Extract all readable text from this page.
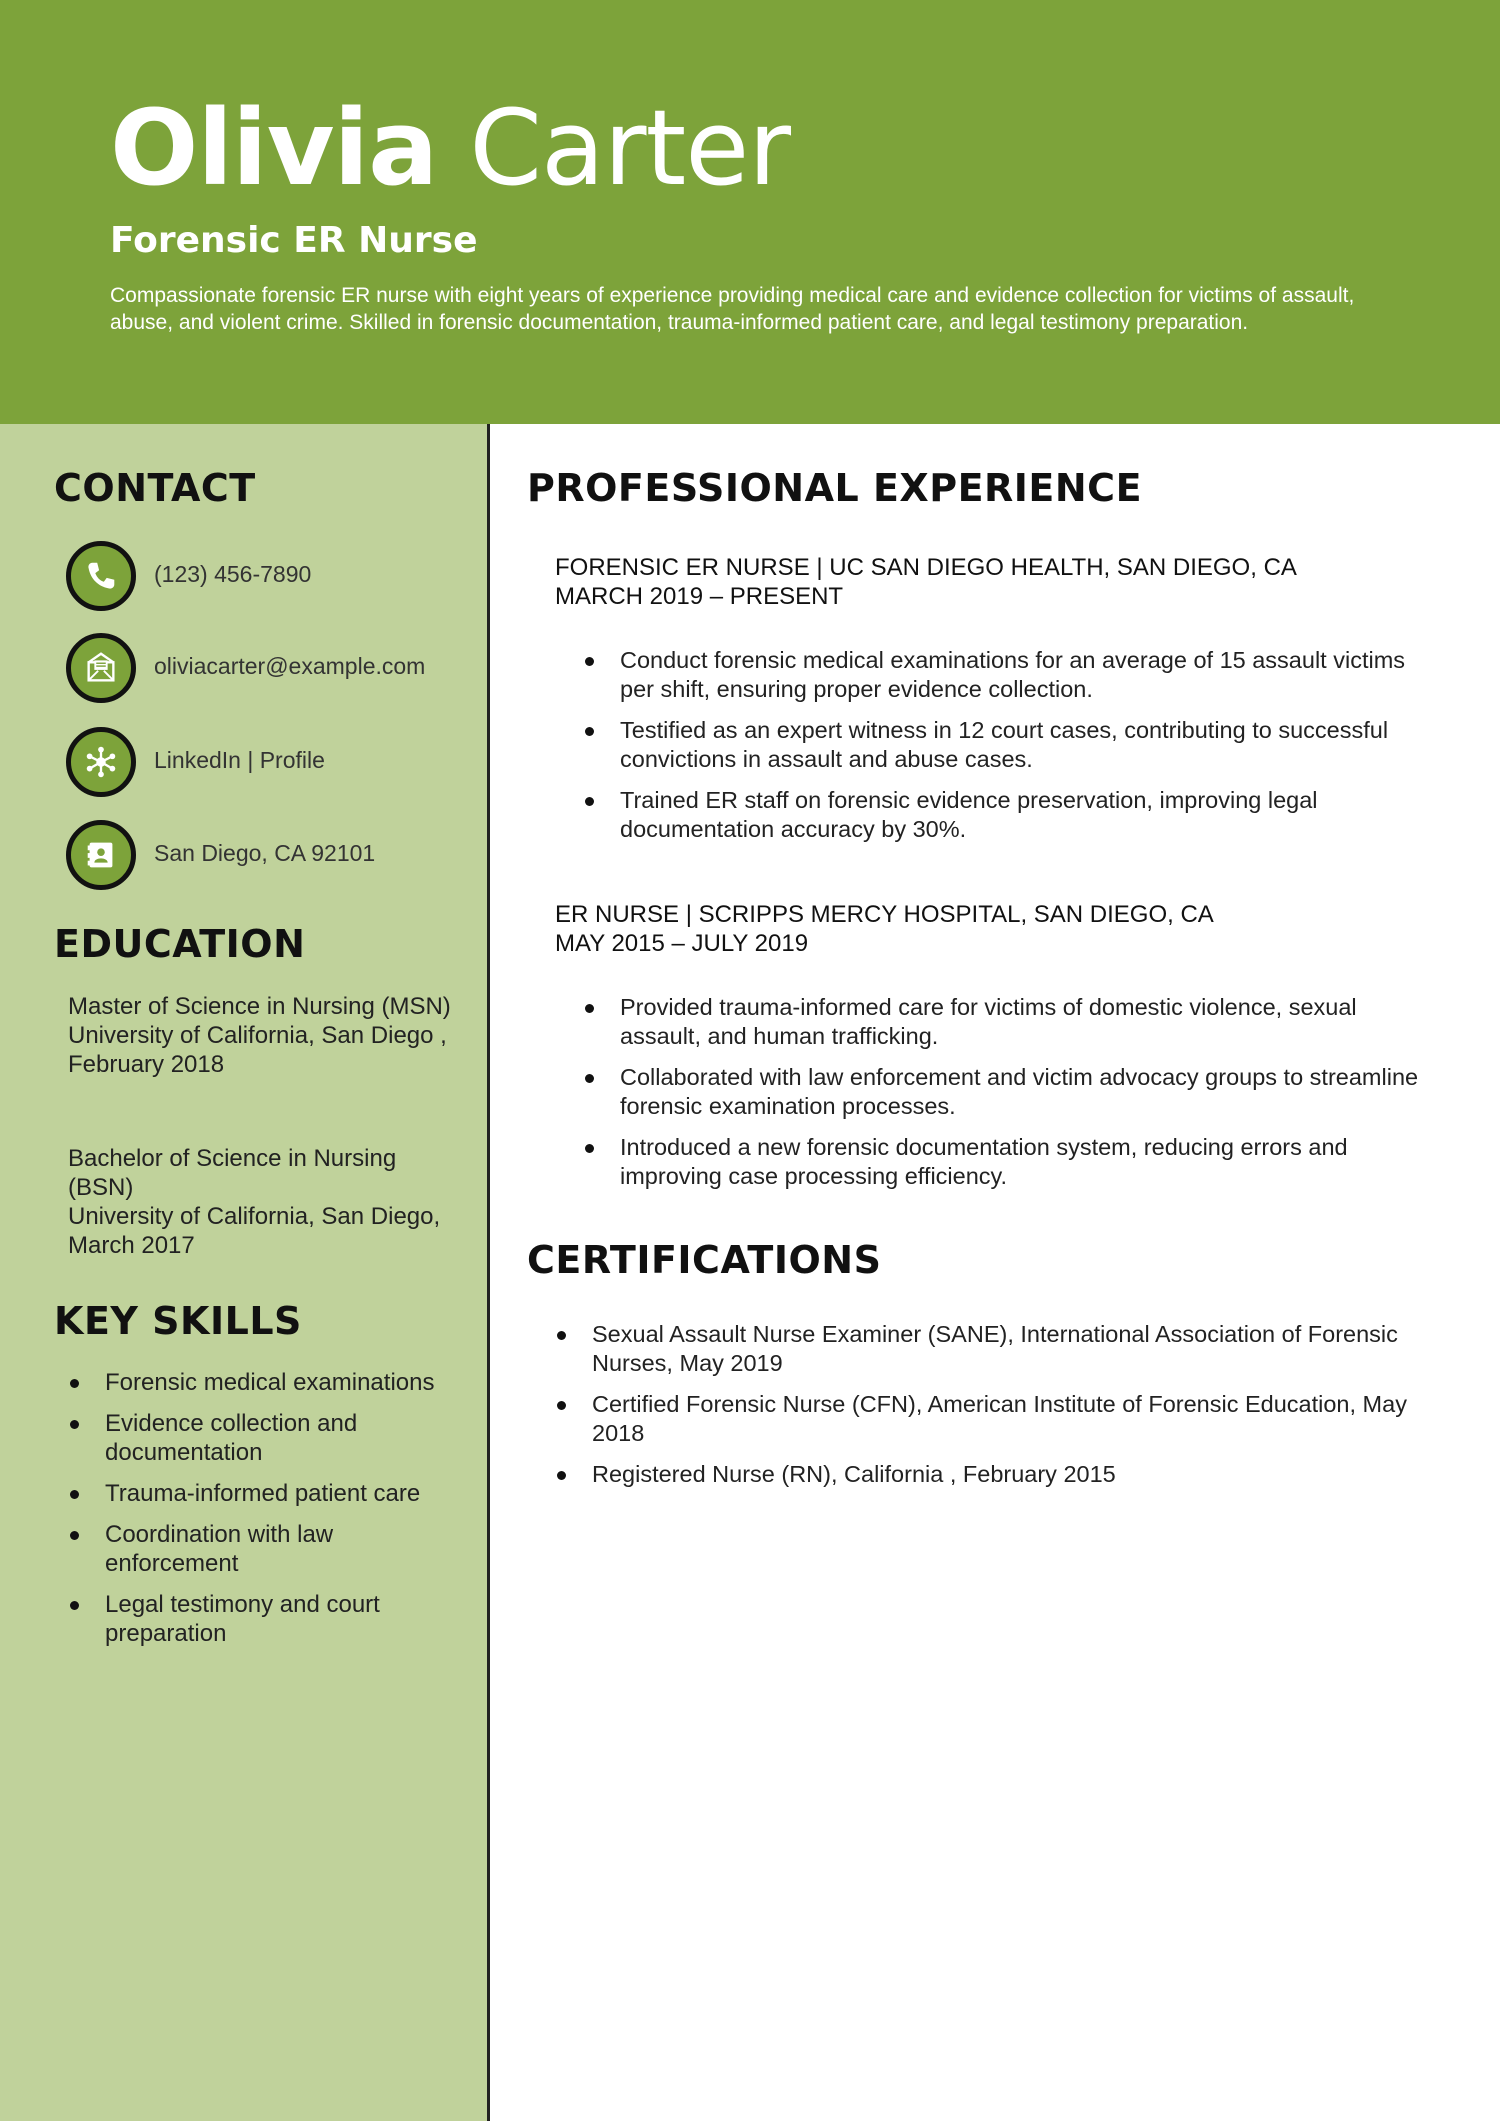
Olivia Carter
Forensic ER Nurse
Compassionate forensic ER nurse with eight years of experience providing medical care and evidence collection for victims of assault, abuse, and violent crime. Skilled in forensic documentation, trauma-informed patient care, and legal testimony preparation.
CONTACT
(123) 456-7890
oliviacarter@example.com
LinkedIn | Profile
San Diego, CA 92101
EDUCATION
Master of Science in Nursing (MSN)
University of California, San Diego , February 2018
Bachelor of Science in Nursing (BSN)
University of California, San Diego, March 2017
KEY SKILLS
Forensic medical examinations
Evidence collection and documentation
Trauma-informed patient care
Coordination with law enforcement
Legal testimony and court preparation
PROFESSIONAL EXPERIENCE
FORENSIC ER NURSE | UC SAN DIEGO HEALTH, SAN DIEGO, CA
MARCH 2019 – PRESENT
Conduct forensic medical examinations for an average of 15 assault victims per shift, ensuring proper evidence collection.
Testified as an expert witness in 12 court cases, contributing to successful convictions in assault and abuse cases.
Trained ER staff on forensic evidence preservation, improving legal documentation accuracy by 30%.
ER NURSE | SCRIPPS MERCY HOSPITAL, SAN DIEGO, CA
MAY 2015 – JULY 2019
Provided trauma-informed care for victims of domestic violence, sexual assault, and human trafficking.
Collaborated with law enforcement and victim advocacy groups to streamline forensic examination processes.
Introduced a new forensic documentation system, reducing errors and improving case processing efficiency.
CERTIFICATIONS
Sexual Assault Nurse Examiner (SANE), International Association of Forensic Nurses, May 2019
Certified Forensic Nurse (CFN), American Institute of Forensic Education, May 2018
Registered Nurse (RN), California , February 2015
